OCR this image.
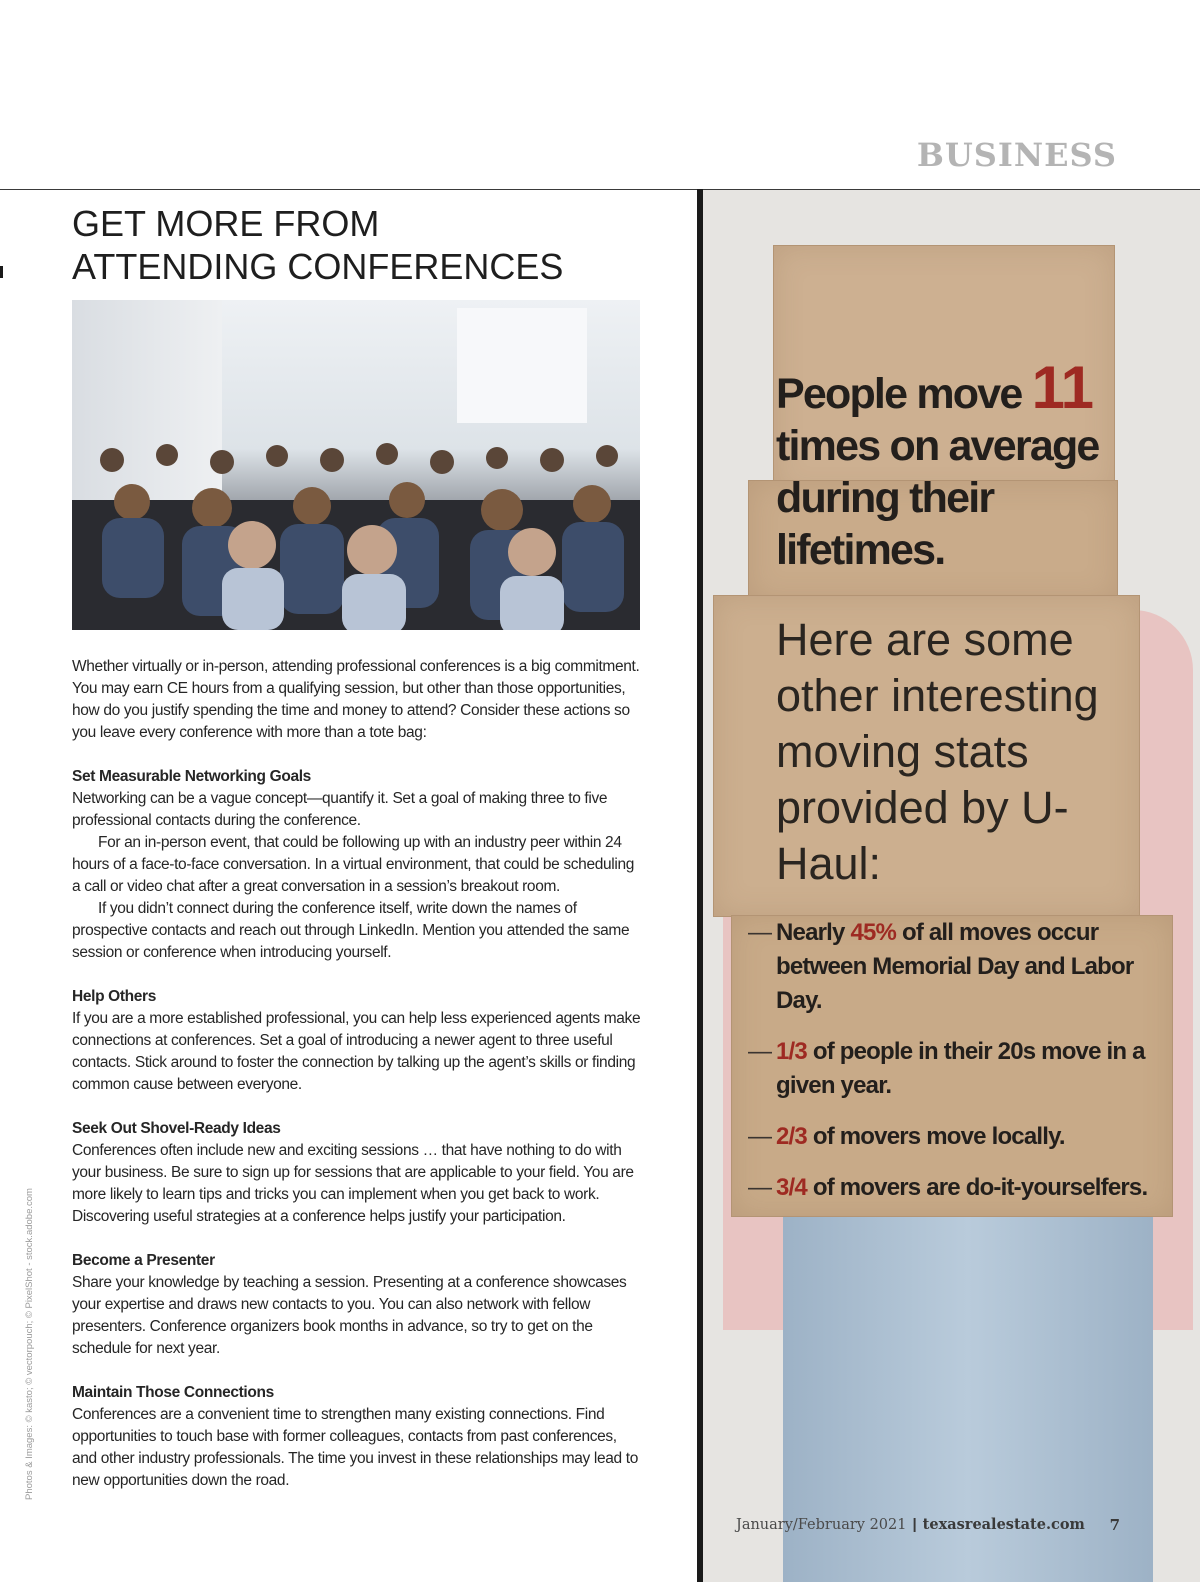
BUSINESS
GET MORE FROM
ATTENDING CONFERENCES

Whether virtually or in-person, attending professional conferences is a big commitment. You may earn CE hours from a qualifying session, but other than those opportunities, how do you justify spending the time and money to attend? Consider these actions so you leave every conference with more than a tote bag:

Set Measurable Networking Goals

Networking can be a vague concept—quantify it. Set a goal of making three to five professional contacts during the conference.

For an in-person event, that could be following up with an industry peer within 24 hours of a face-to-face conversation. In a virtual environment, that could be scheduling a call or video chat after a great conversation in a session’s breakout room.

If you didn’t connect during the conference itself, write down the names of prospective contacts and reach out through LinkedIn. Mention you attended the same session or conference when introducing yourself.

Help Others

If you are a more established professional, you can help less experienced agents make connections at conferences. Set a goal of introducing a newer agent to three useful contacts. Stick around to foster the connection by talking up the agent’s skills or finding common cause between everyone.

Seek Out Shovel-Ready Ideas

Conferences often include new and exciting sessions … that have nothing to do with your business. Be sure to sign up for sessions that are applicable to your field. You are more likely to learn tips and tricks you can implement when you get back to work. Discovering useful strategies at a conference helps justify your participation.

Become a Presenter

Share your knowledge by teaching a session. Presenting at a conference showcases your expertise and draws new contacts to you. You can also network with fellow presenters. Conference organizers book months in advance, so try to get on the schedule for next year.

Maintain Those Connections

Conferences are a convenient time to strengthen many existing connections. Find opportunities to touch base with former colleagues, contacts from past conferences, and other industry professionals. The time you invest in these relationships may lead to new opportunities down the road.

Photos & Images: © kasto; © vectorpouch; © PixelShot - stock.adobe.com

People move 11
times on average during their lifetimes.

Here are some other interesting moving stats provided by U-Haul:

— Nearly 45% of all moves occur between Memorial Day and Labor Day.
— 1/3 of people in their 20s move in a given year.
— 2/3 of movers move locally.
— 3/4 of movers are do-it-yourselfers.
January/February 2021 | texasrealestate.com 7
